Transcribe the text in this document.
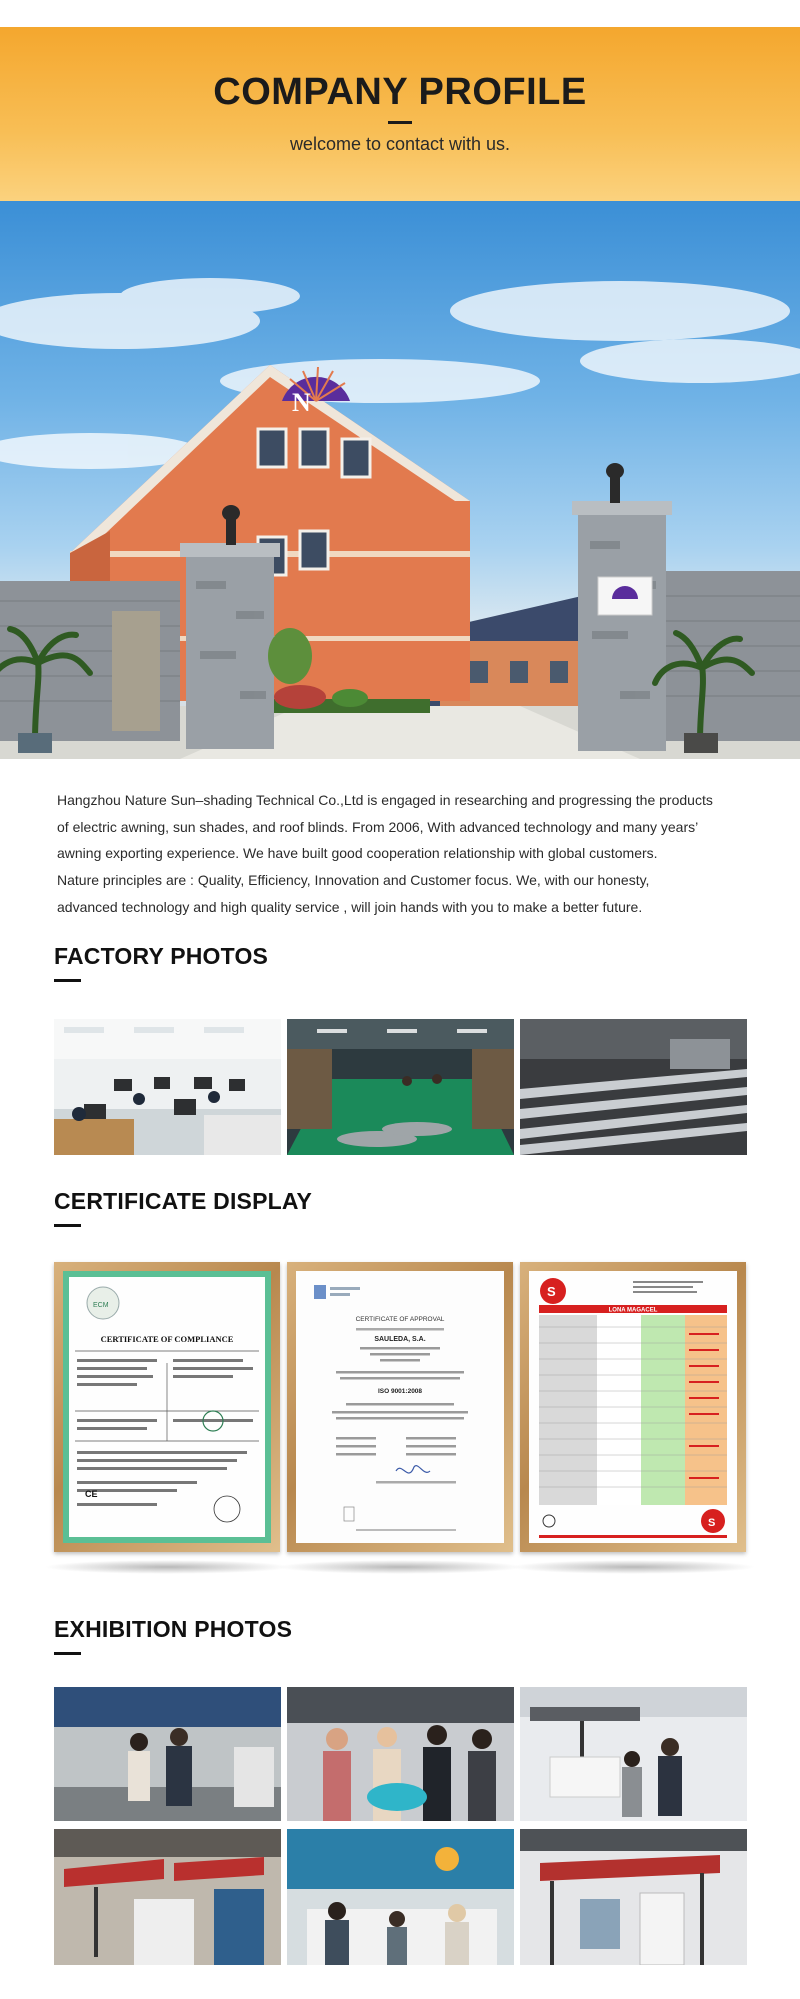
COMPANY PROFILE
welcome to contact with us.
N

Hangzhou Nature Sun–shading Technical Co.,Ltd is engaged in researching and progressing the products

of electric awning, sun shades, and roof blinds. From 2006, With advanced technology and many years’

awning exporting experience. We have built good cooperation relationship with global customers.

Nature principles are : Quality, Efficiency, Innovation and Customer focus. We, with our honesty,

advanced technology and high quality service , will join hands with you to make a better future.

FACTORY PHOTOS
CERTIFICATE DISPLAY
ECM
CERTIFICATE OF COMPLIANCE
CE
CERTIFICATE OF APPROVAL
SAULEDA, S.A.
ISO 9001:2008
S
LONA MAGACEL
S
EXHIBITION PHOTOS
